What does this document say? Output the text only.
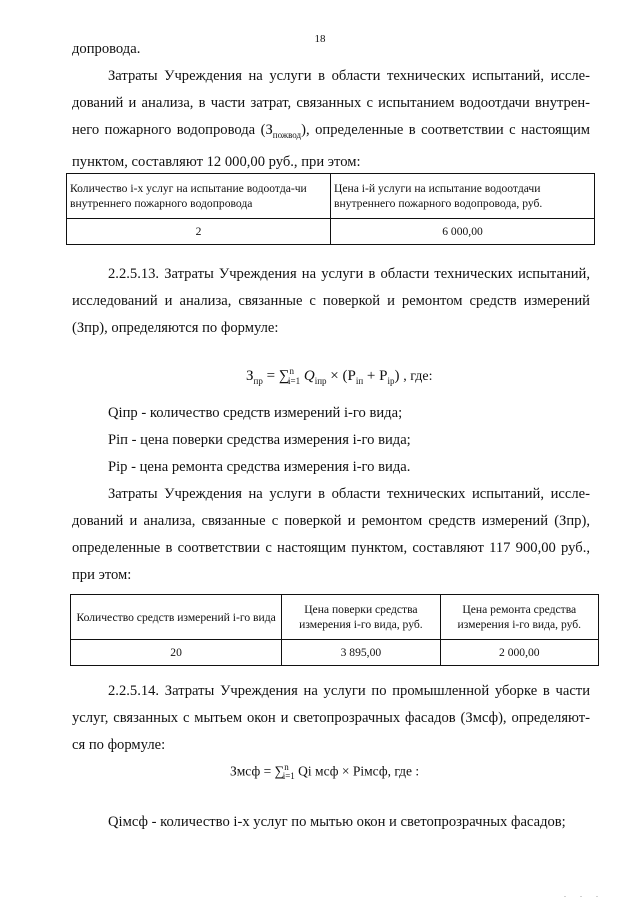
18
допровода.
Затраты Учреждения на услуги в области технических испытаний, иссле-
дований и анализа, в части затрат, связанных с испытанием водоотдачи внутрен-
него пожарного водопровода $(З_{пожвод})$, определенные в соответствии с настоящим
пунктом, составляют 12 000,00 руб., при этом:
Количество i-х услуг на испытание водоотда-чи внутреннего пожарного водопровода	Цена i-й услуги на испытание водоотдачи внутреннего пожарного водопровода, руб.
2	6 000,00
2.2.5.13. Затраты Учреждения на услуги в области технических испытаний,
исследований и анализа, связанные с поверкой и ремонтом средств измерений
(Зпр), определяются по формуле:
$З_{пр} = \sum^n_{i=1}$ $Q_{iпр} \times (P_{iп} + P_{ip})$ , где:
Qiпр - количество средств измерений i-го вида;
Piп - цена поверки средства измерения i-го вида;
Pip - цена ремонта средства измерения i-го вида.
Затраты Учреждения на услуги в области технических испытаний, иссле-
дований и анализа, связанные с поверкой и ремонтом средств измерений (Зпр),
определенные в соответствии с настоящим пунктом, составляют 117 900,00 руб.,
при этом:
Количество средств измерений i-го вида	Цена поверки средства измерения i-го вида, руб.	Цена ремонта средства измерения i-го вида, руб.
20	3 895,00	2 000,00
2.2.5.14. Затраты Учреждения на услуги по промышленной уборке в части
услуг, связанных с мытьем окон и светопрозрачных фасадов (Змсф), определяют-
ся по формуле:
Змсф = ∑$^n_{i=1}$ Qi мсф × Piмсф, где :
Qiмсф - количество i-х услуг по мытью окон и светопрозрачных фасадов;
. . .
